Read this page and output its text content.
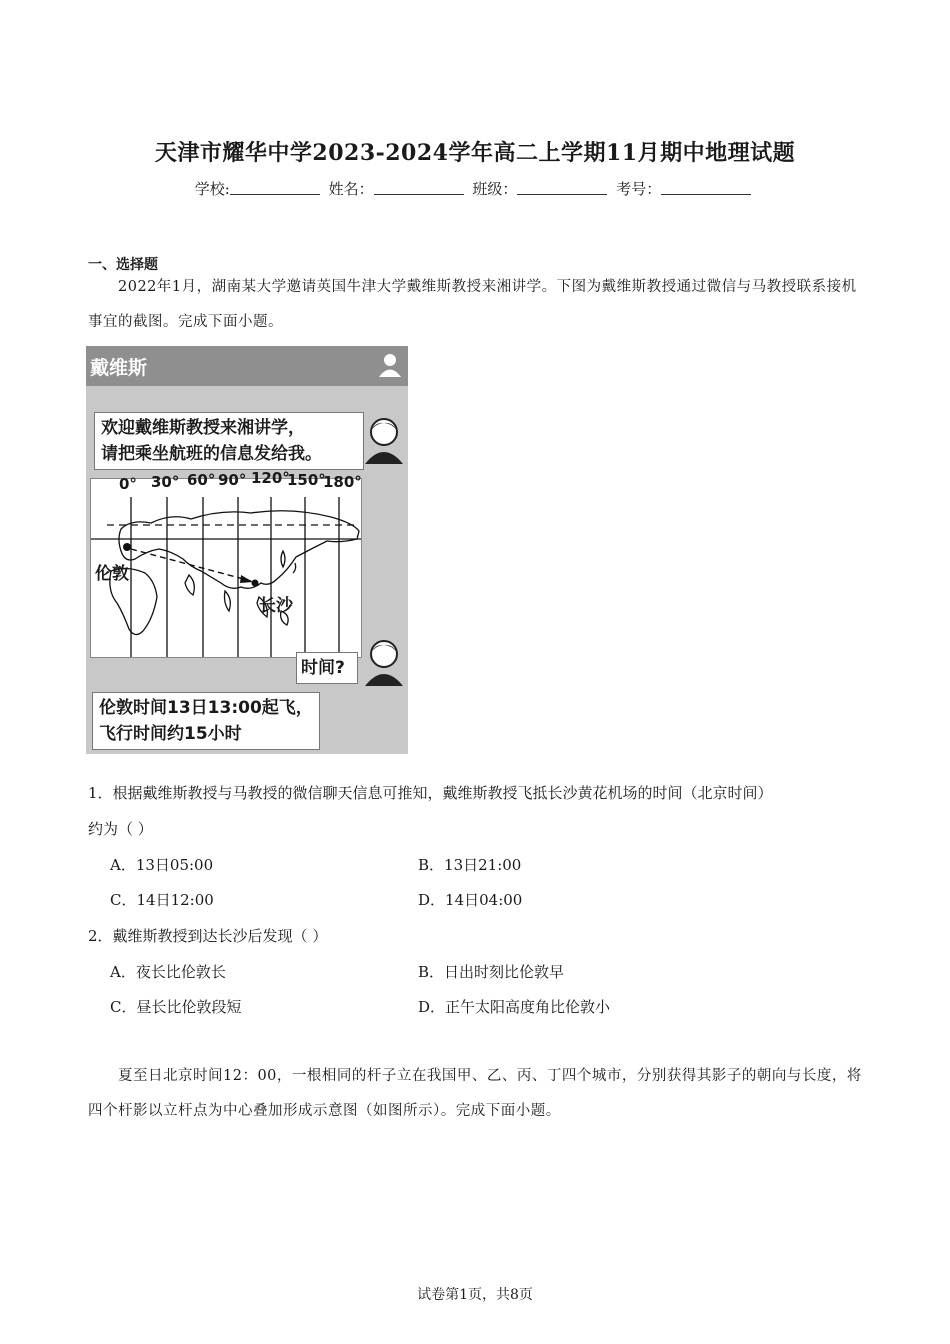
天津市耀华中学2023-2024学年高二上学期11月期中地理试题
学校:	姓名：	班级：	考号：
一、选择题
2022年1月，湖南某大学邀请英国牛津大学戴维斯教授来湘讲学。下图为戴维斯教授通过微信与马教授联系接机事宜的截图。完成下面小题。
戴维斯
欢迎戴维斯教授来湘讲学，
请把乘坐航班的信息发给我。
0° 30° 60° 90° 120°
150°
180°
伦敦
长沙
时间?
伦敦时间13日13:00起飞，
飞行时间约15小时
1．根据戴维斯教授与马教授的微信聊天信息可推知，戴维斯教授飞抵长沙黄花机场的时间（北京时间）
约为（ ）
A．13日05:00	B．13日21:00
C．14日12:00	D．14日04:00
2．戴维斯教授到达长沙后发现（ ）
A．夜长比伦敦长	B．日出时刻比伦敦早
C．昼长比伦敦段短	D．正午太阳高度角比伦敦小
夏至日北京时间12：00，一根相同的杆子立在我国甲、乙、丙、丁四个城市，分别获得其影子的朝向与长度，将四个杆影以立杆点为中心叠加形成示意图（如图所示）。完成下面小题。
试卷第1页，共8页
